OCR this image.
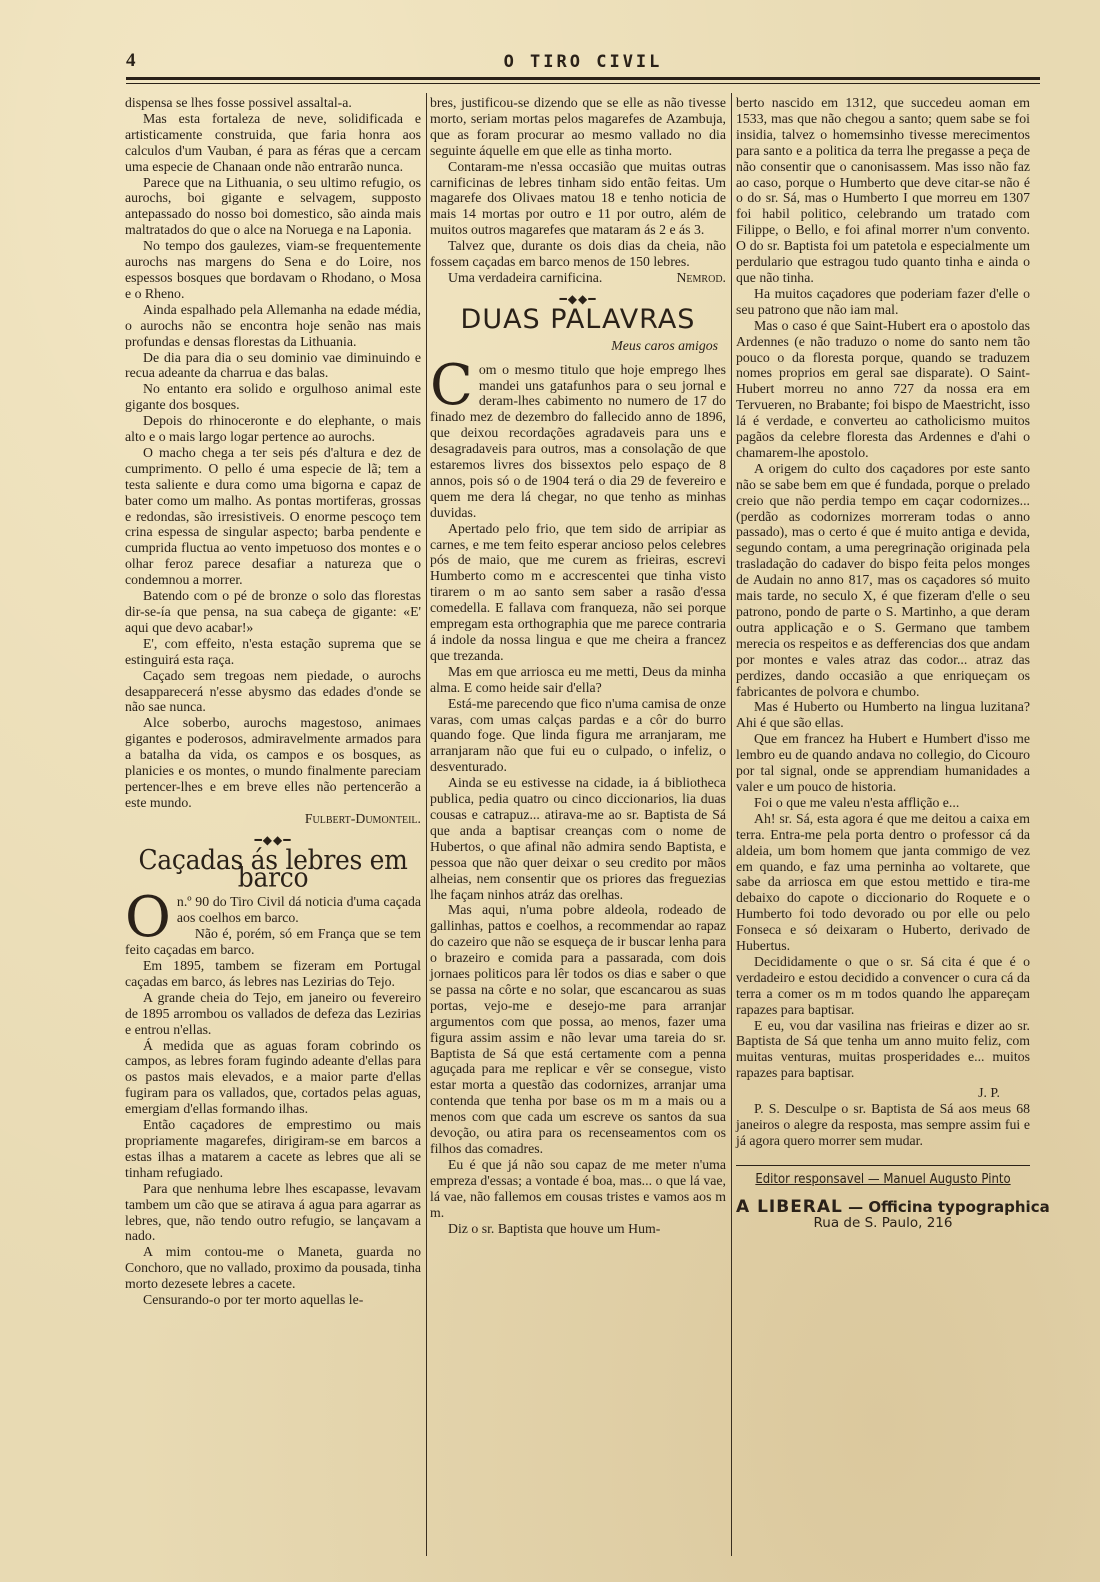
4	O TIRO CIVIL

dispensa se lhes fosse possivel assaltal-a.

Mas esta fortaleza de neve, solidificada e artisticamente construida, que faria honra aos calculos d'um Vauban, é para as féras que a cercam uma especie de Chanaan onde não entrarão nunca.

Parece que na Lithuania, o seu ultimo refugio, os aurochs, boi gigante e selvagem, supposto antepassado do nosso boi domestico, são ainda mais maltratados do que o alce na Noruega e na Laponia.

No tempo dos gaulezes, viam-se frequentemente aurochs nas margens do Sena e do Loire, nos espessos bosques que bordavam o Rhodano, o Mosa e o Rheno.

Ainda espalhado pela Allemanha na edade média, o aurochs não se encontra hoje senão nas mais profundas e densas florestas da Lithuania.

De dia para dia o seu dominio vae diminuindo e recua adeante da charrua e das balas.

No entanto era solido e orgulhoso animal este gigante dos bosques.

Depois do rhinoceronte e do elephante, o mais alto e o mais largo logar pertence ao aurochs.

O macho chega a ter seis pés d'altura e dez de cumprimento. O pello é uma especie de lã; tem a testa saliente e dura como uma bigorna e capaz de bater como um malho. As pontas mortiferas, grossas e redondas, são irresistiveis. O enorme pescoço tem crina espessa de singular aspecto; barba pendente e cumprida fluctua ao vento impetuoso dos montes e o olhar feroz parece desafiar a natureza que o condemnou a morrer.

Batendo com o pé de bronze o solo das florestas dir-se-ía que pensa, na sua cabeça de gigante: «E' aqui que devo acabar!»

E', com effeito, n'esta estação suprema que se estinguirá esta raça.

Caçado sem tregoas nem piedade, o aurochs desapparecerá n'esse abysmo das edades d'onde se não sae nunca.

Alce soberbo, aurochs magestoso, animaes gigantes e poderosos, admiravelmente armados para a batalha da vida, os campos e os bosques, as planicies e os montes, o mundo finalmente pareciam pertencer-lhes e em breve elles não pertencerão a este mundo.

Fulbert-Dumonteil.

━◆◆━
Caçadas ás lebres em barco

On.º 90 do Tiro Civil dá noticia d'uma caçada aos coelhos em barco.

Não é, porém, só em França que se tem feito caçadas em barco.

Em 1895, tambem se fizeram em Portugal caçadas em barco, ás lebres nas Lezirias do Tejo.

A grande cheia do Tejo, em janeiro ou fevereiro de 1895 arrombou os vallados de defeza das Lezirias e entrou n'ellas.

Á medida que as aguas foram cobrindo os campos, as lebres foram fugindo adeante d'ellas para os pastos mais elevados, e a maior parte d'ellas fugiram para os vallados, que, cortados pelas aguas, emergiam d'ellas formando ilhas.

Então caçadores de emprestimo ou mais propriamente magarefes, dirigiram-se em barcos a estas ilhas a matarem a cacete as lebres que ali se tinham refugiado.

Para que nenhuma lebre lhes escapasse, levavam tambem um cão que se atirava á agua para agarrar as lebres, que, não tendo outro refugio, se lançavam a nado.

A mim contou-me o Maneta, guarda no Conchoro, que no vallado, proximo da pousada, tinha morto dezesete lebres a cacete.

Censurando-o por ter morto aquellas le-

bres, justificou-se dizendo que se elle as não tivesse morto, seriam mortas pelos magarefes de Azambuja, que as foram procurar ao mesmo vallado no dia seguinte áquelle em que elle as tinha morto.

Contaram-me n'essa occasião que muitas outras carnificinas de lebres tinham sido então feitas. Um magarefe dos Olivaes matou 18 e tenho noticia de mais 14 mortas por outro e 11 por outro, além de muitos outros magarefes que mataram ás 2 e ás 3.

Talvez que, durante os dois dias da cheia, não fossem caçadas em barco menos de 150 lebres.

Uma verdadeira carnificina.	Nemrod.

━◆◆━
DUAS PALAVRAS
Meus caros amigos

Com o mesmo titulo que hoje emprego lhes mandei uns gatafunhos para o seu jornal e deram-lhes cabimento no numero de 17 do finado mez de dezembro do fallecido anno de 1896, que deixou recordações agradaveis para uns e desagradaveis para outros, mas a consolação de que estaremos livres dos bissextos pelo espaço de 8 annos, pois só o de 1904 terá o dia 29 de fevereiro e quem me dera lá chegar, no que tenho as minhas duvidas.

Apertado pelo frio, que tem sido de arripiar as carnes, e me tem feito esperar ancioso pelos celebres pós de maio, que me curem as frieiras, escrevi Humberto como m e accrescentei que tinha visto tirarem o m ao santo sem saber a rasão d'essa comedella. E fallava com franqueza, não sei porque empregam esta orthographia que me parece contraria á indole da nossa lingua e que me cheira a francez que trezanda.

Mas em que arriosca eu me metti, Deus da minha alma. E como heide sair d'ella?

Está-me parecendo que fico n'uma camisa de onze varas, com umas calças pardas e a côr do burro quando foge. Que linda figura me arranjaram, me arranjaram não que fui eu o culpado, o infeliz, o desventurado.

Ainda se eu estivesse na cidade, ia á bibliotheca publica, pedia quatro ou cinco diccionarios, lia duas cousas e catrapuz... atirava-me ao sr. Baptista de Sá que anda a baptisar creanças com o nome de Hubertos, o que afinal não admira sendo Baptista, e pessoa que não quer deixar o seu credito por mãos alheias, nem consentir que os priores das freguezias lhe façam ninhos atráz das orelhas.

Mas aqui, n'uma pobre aldeola, rodeado de gallinhas, pattos e coelhos, a recommendar ao rapaz do cazeiro que não se esqueça de ir buscar lenha para o brazeiro e comida para a passarada, com dois jornaes politicos para lêr todos os dias e saber o que se passa na côrte e no solar, que escancarou as suas portas, vejo-me e desejo-me para arranjar argumentos com que possa, ao menos, fazer uma figura assim assim e não levar uma tareia do sr. Baptista de Sá que está certamente com a penna aguçada para me replicar e vêr se consegue, visto estar morta a questão das codornizes, arranjar uma contenda que tenha por base os m m a mais ou a menos com que cada um escreve os santos da sua devoção, ou atira para os recenseamentos com os filhos das comadres.

Eu é que já não sou capaz de me meter n'uma empreza d'essas; a vontade é boa, mas... o que lá vae, lá vae, não fallemos em cousas tristes e vamos aos m m.

Diz o sr. Baptista que houve um Hum-

berto nascido em 1312, que succedeu aoman em 1533, mas que não chegou a santo; quem sabe se foi insidia, talvez o homemsinho tivesse merecimentos para santo e a politica da terra lhe pregasse a peça de não consentir que o canonisassem. Mas isso não faz ao caso, porque o Humberto que deve citar-se não é o do sr. Sá, mas o Humberto I que morreu em 1307 foi habil politico, celebrando um tratado com Filippe, o Bello, e foi afinal morrer n'um convento. O do sr. Baptista foi um patetola e especialmente um perdulario que estragou tudo quanto tinha e ainda o que não tinha.

Ha muitos caçadores que poderiam fazer d'elle o seu patrono que não iam mal.

Mas o caso é que Saint-Hubert era o apostolo das Ardennes (e não traduzo o nome do santo nem tão pouco o da floresta porque, quando se traduzem nomes proprios em geral sae disparate). O Saint-Hubert morreu no anno 727 da nossa era em Tervueren, no Brabante; foi bispo de Maestricht, isso lá é verdade, e converteu ao catholicismo muitos pagãos da celebre floresta das Ardennes e d'ahi o chamarem-lhe apostolo.

A origem do culto dos caçadores por este santo não se sabe bem em que é fundada, porque o prelado creio que não perdia tempo em caçar codornizes... (perdão as codornizes morreram todas o anno passado), mas o certo é que é muito antiga e devida, segundo contam, a uma peregrinação originada pela trasladação do cadaver do bispo feita pelos monges de Audain no anno 817, mas os caçadores só muito mais tarde, no seculo X, é que fizeram d'elle o seu patrono, pondo de parte o S. Martinho, a que deram outra applicação e o S. Germano que tambem merecia os respeitos e as defferencias dos que andam por montes e vales atraz das codor... atraz das perdizes, dando occasião a que enriqueçam os fabricantes de polvora e chumbo.

Mas é Huberto ou Humberto na lingua luzitana? Ahi é que são ellas.

Que em francez ha Hubert e Humbert d'isso me lembro eu de quando andava no collegio, do Cicouro por tal signal, onde se apprendiam humanidades a valer e um pouco de historia.

Foi o que me valeu n'esta afflição e...

Ah! sr. Sá, esta agora é que me deitou a caixa em terra. Entra-me pela porta dentro o professor cá da aldeia, um bom homem que janta commigo de vez em quando, e faz uma perninha ao voltarete, que sabe da arriosca em que estou mettido e tira-me debaixo do capote o diccionario do Roquete e o Humberto foi todo devorado ou por elle ou pelo Fonseca e só deixaram o Huberto, derivado de Hubertus.

Decididamente o que o sr. Sá cita é que é o verdadeiro e estou decidido a convencer o cura cá da terra a comer os m m todos quando lhe appareçam rapazes para baptisar.

E eu, vou dar vasilina nas frieiras e dizer ao sr. Baptista de Sá que tenha um anno muito feliz, com muitas venturas, muitas prosperidades e... muitos rapazes para baptisar.

J. P.

P. S. Desculpe o sr. Baptista de Sá aos meus 68 janeiros o alegre da resposta, mas sempre assim fui e já agora quero morrer sem mudar.

Editor responsavel — Manuel Augusto Pinto
A LIBERAL — Officina typographica
Rua de S. Paulo, 216
